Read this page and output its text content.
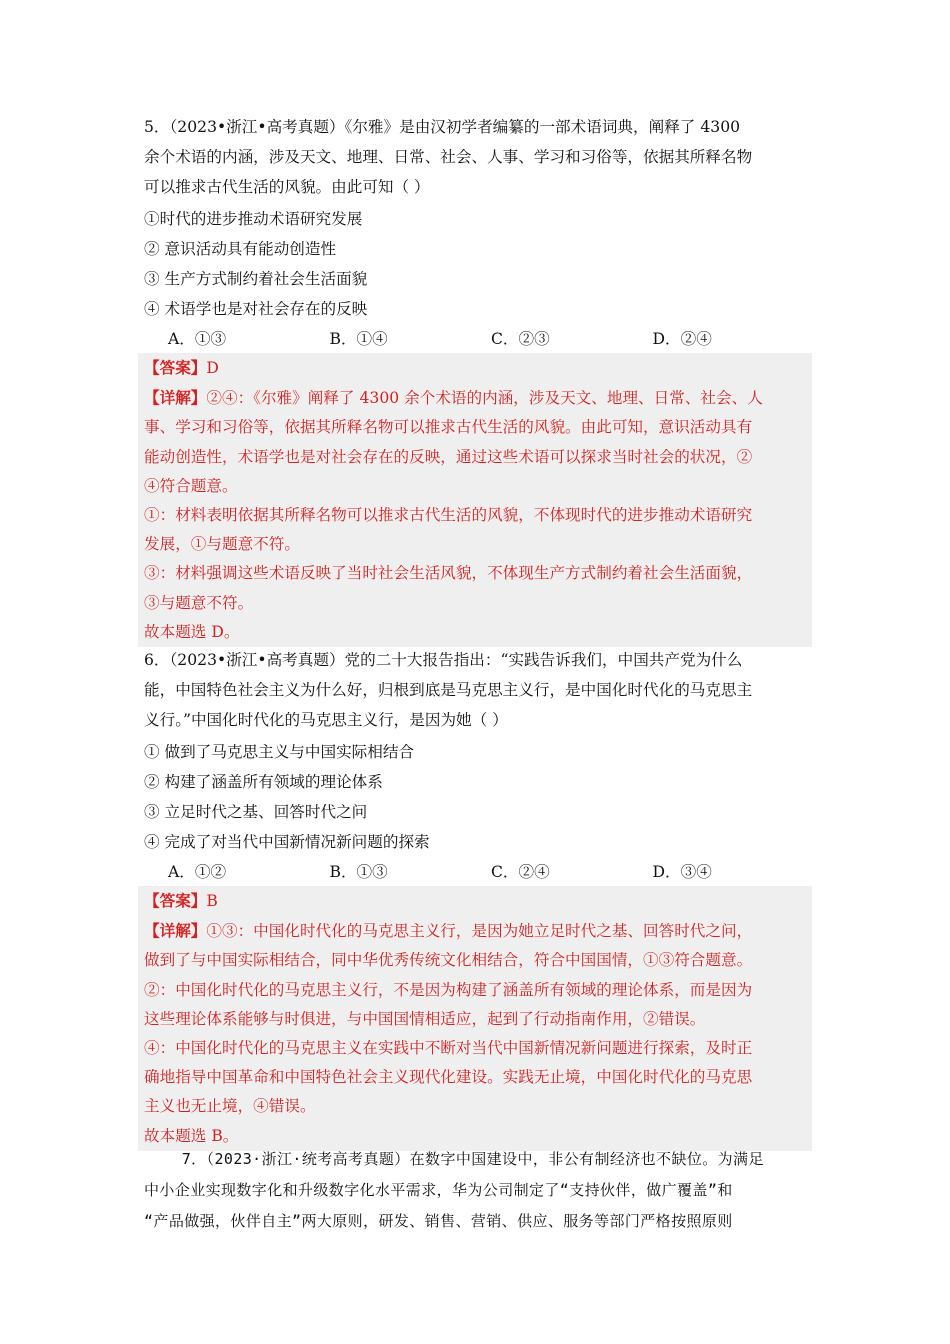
5．（2023•浙江•高考真题）《尔雅》是由汉初学者编纂的一部术语词典，阐释了 4300

余个术语的内涵，涉及天文、地理、日常、社会、人事、学习和习俗等，依据其所释名物

可以推求古代生活的风貌。由此可知（ ）

①时代的进步推动术语研究发展

② 意识活动具有能动创造性

③ 生产方式制约着社会生活面貌

④ 术语学也是对社会存在的反映

A．①③	B．①④	C．②③	D．②④

【答案】D

【详解】②④：《尔雅》阐释了 4300 余个术语的内涵，涉及天文、地理、日常、社会、人

事、学习和习俗等，依据其所释名物可以推求古代生活的风貌。由此可知，意识活动具有

能动创造性，术语学也是对社会存在的反映，通过这些术语可以探求当时社会的状况，②

④符合题意。

①：材料表明依据其所释名物可以推求古代生活的风貌，不体现时代的进步推动术语研究

发展，①与题意不符。

③：材料强调这些术语反映了当时社会生活风貌，不体现生产方式制约着社会生活面貌，

③与题意不符。

故本题选 D。

6．（2023•浙江•高考真题）党的二十大报告指出：“实践告诉我们，中国共产党为什么

能，中国特色社会主义为什么好，归根到底是马克思主义行，是中国化时代化的马克思主

义行。”中国化时代化的马克思主义行，是因为她（ ）

① 做到了马克思主义与中国实际相结合

② 构建了涵盖所有领域的理论体系

③ 立足时代之基、回答时代之问

④ 完成了对当代中国新情况新问题的探索

A．①②	B．①③	C．②④	D．③④

【答案】B

【详解】①③：中国化时代化的马克思主义行，是因为她立足时代之基、回答时代之问，

做到了与中国实际相结合，同中华优秀传统文化相结合，符合中国国情，①③符合题意。

②：中国化时代化的马克思主义行，不是因为构建了涵盖所有领域的理论体系，而是因为

这些理论体系能够与时俱进，与中国国情相适应，起到了行动指南作用，②错误。

④：中国化时代化的马克思主义在实践中不断对当代中国新情况新问题进行探索，及时正

确地指导中国革命和中国特色社会主义现代化建设。实践无止境，中国化时代化的马克思

主义也无止境，④错误。

故本题选 B。

7．（2023·浙江·统考高考真题）在数字中国建设中，非公有制经济也不缺位。为满足

中小企业实现数字化和升级数字化水平需求，华为公司制定了“支持伙伴，做广覆盖”和

“产品做强，伙伴自主”两大原则，研发、销售、营销、供应、服务等部门严格按照原则
